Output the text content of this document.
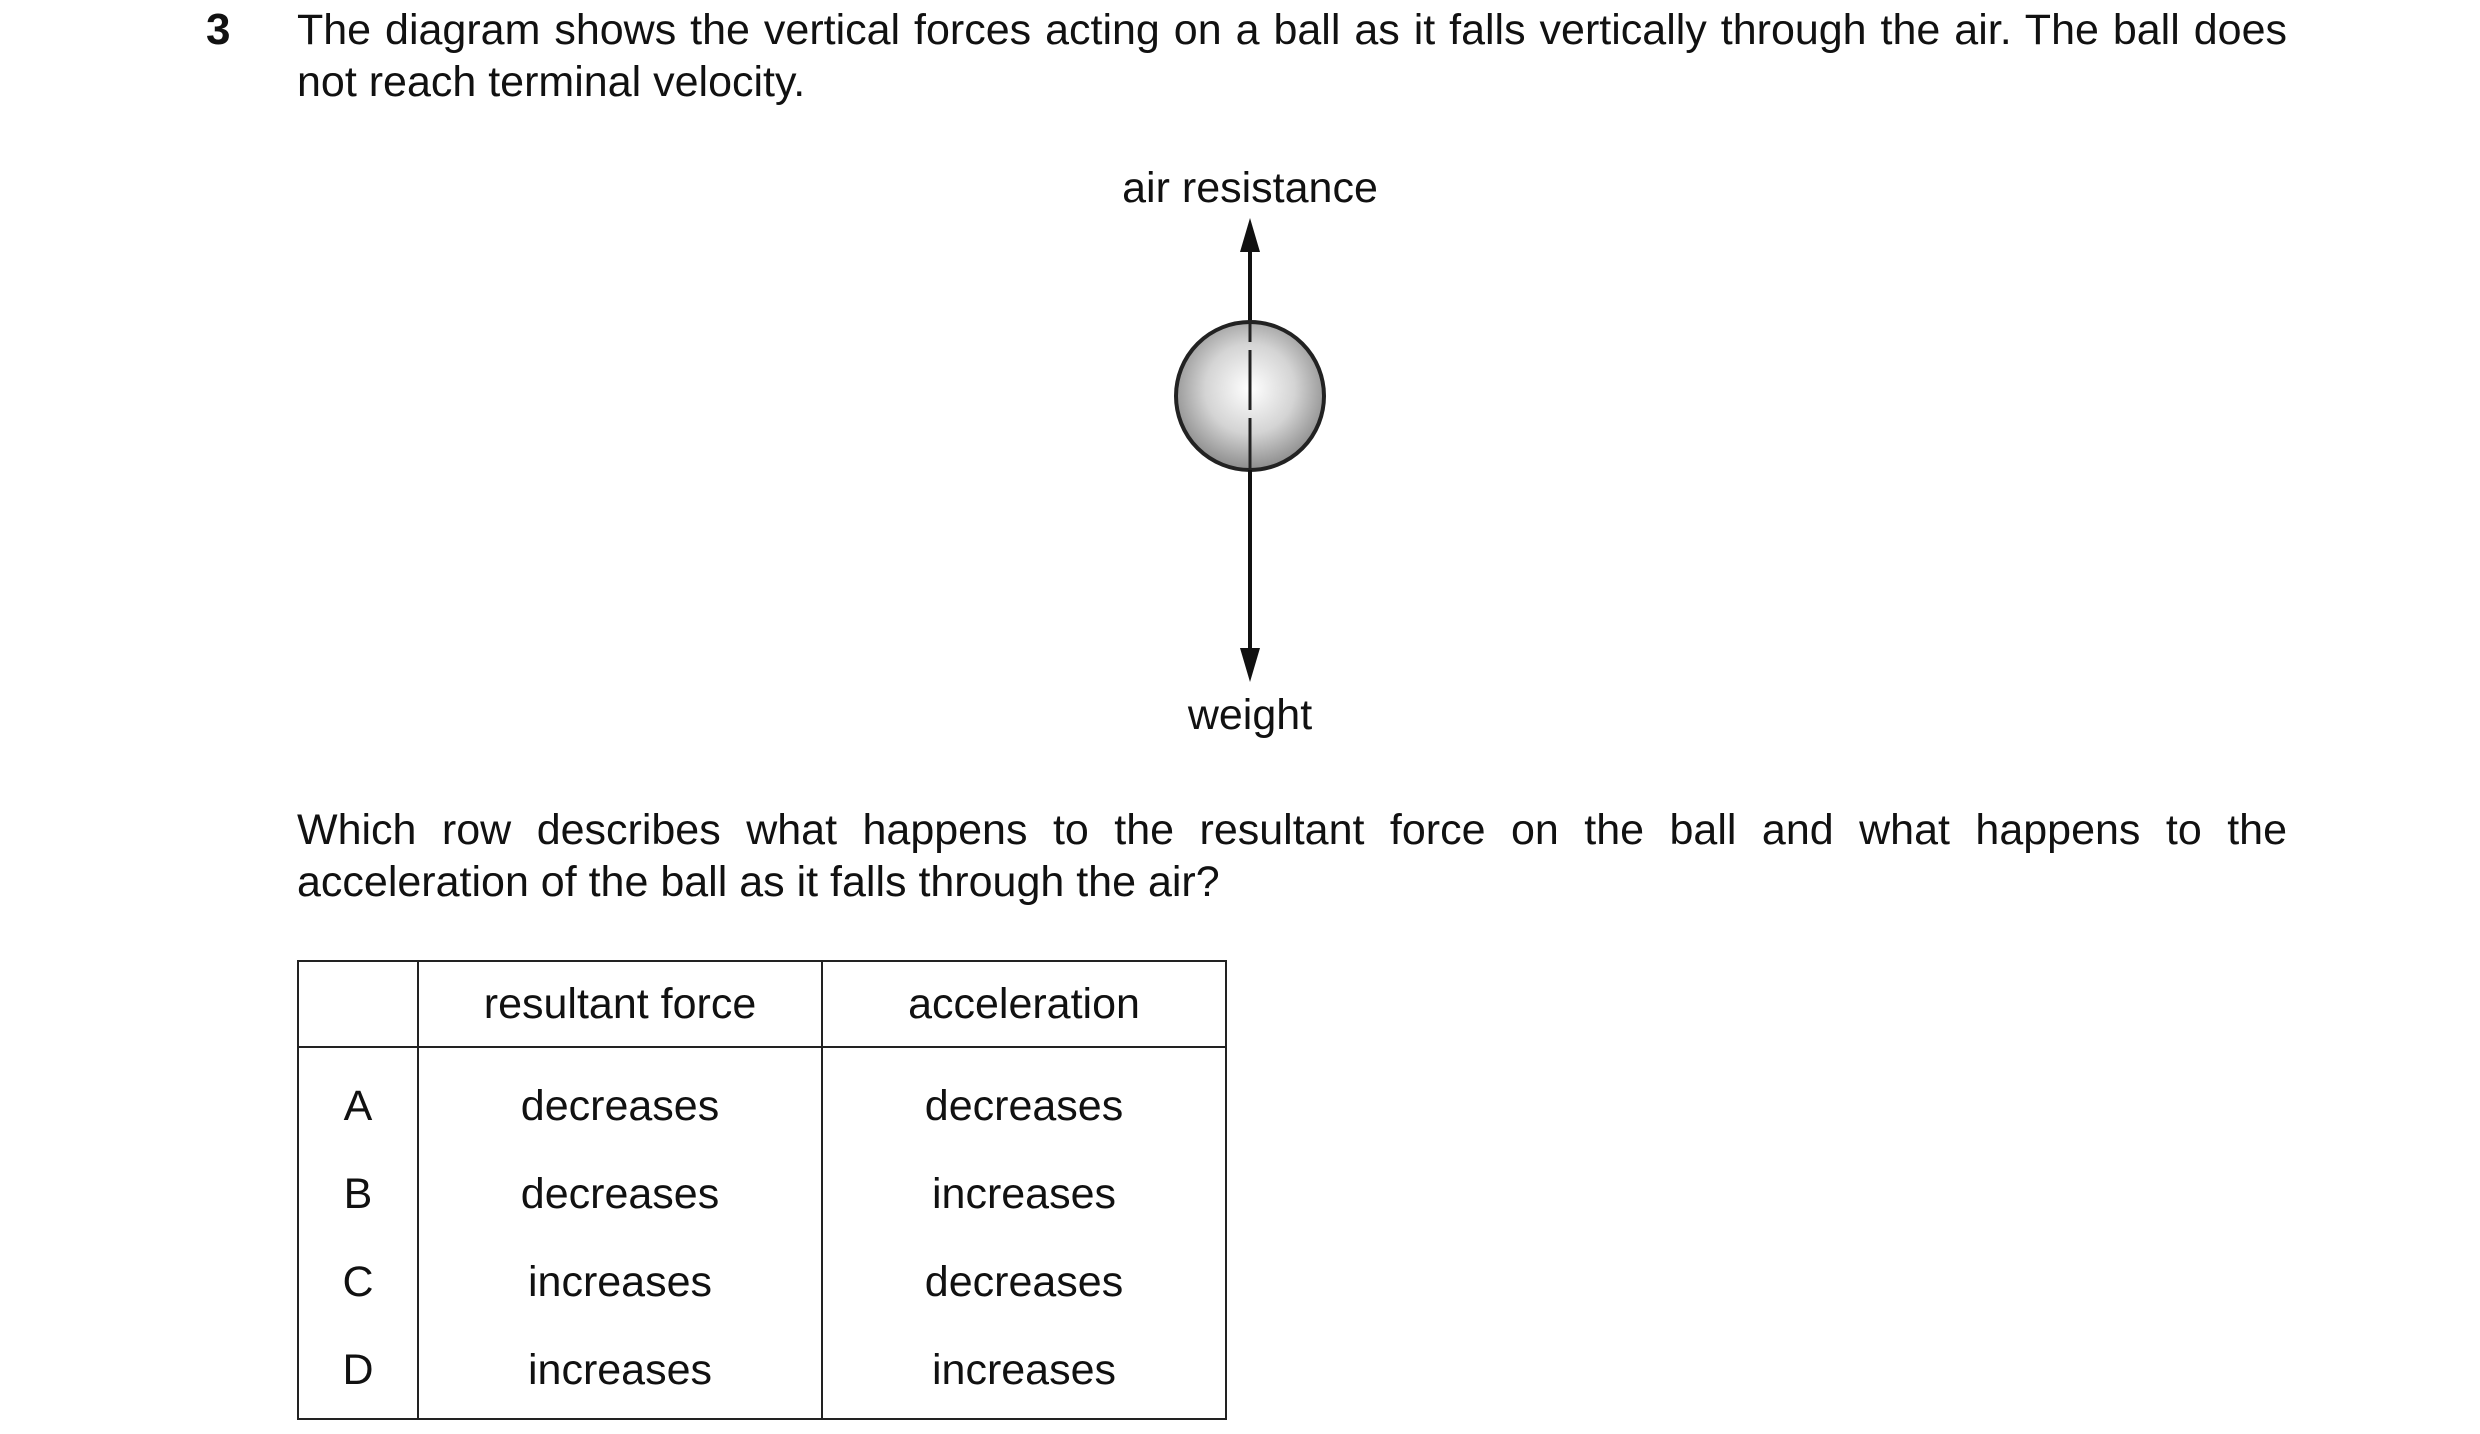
3 The diagram shows the vertical forces acting on a ball as it falls vertically through the air. The ball does not reach terminal velocity.
air resistance
weight
Which row describes what happens to the resultant force on the ball and what happens to the acceleration of the ball as it falls through the air?
	resultant force	acceleration
A	decreases	decreases
B	decreases	increases
C	increases	decreases
D	increases	increases
